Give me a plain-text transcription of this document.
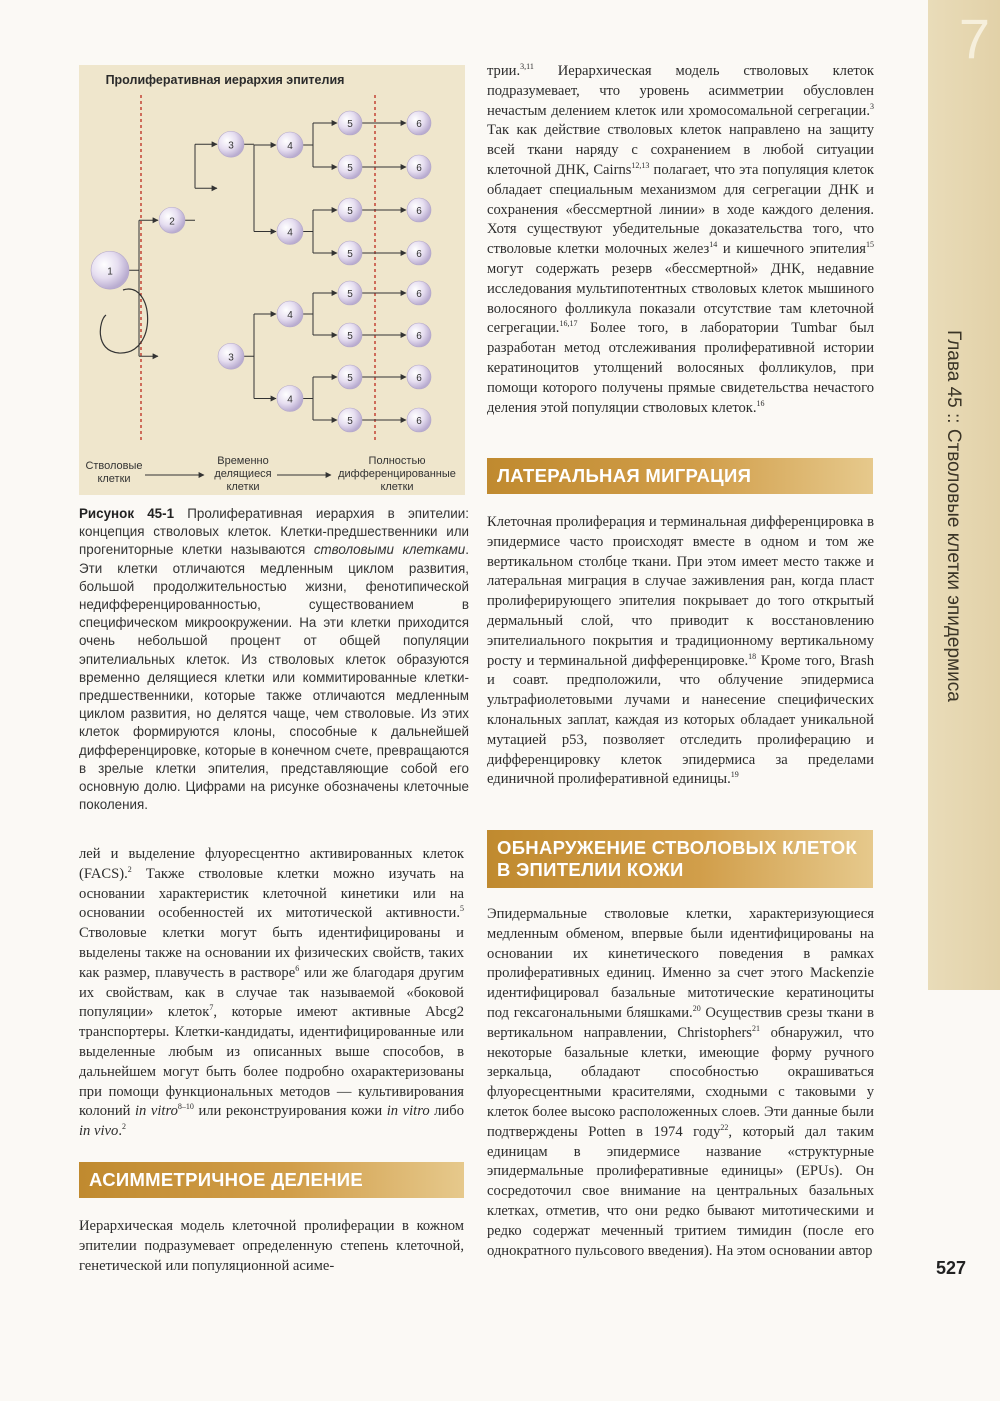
7
Глава 45 :: Стволовые клетки эпидермиса
527
Пролиферативная иерархия эпителия
1
2
3
3
4
4
4
4
5
5
5
5
5
5
5
5
6
6
6
6
6
6
6
6
Стволовые клетки
Временно делящиеся клетки
Полностью дифференцированные клетки
Рисунок 45-1 Пролиферативная иерархия в эпителии: концепция стволовых клеток. Клетки-предшественники или прогениторные клетки называются стволовыми клетками. Эти клетки отличаются медленным циклом развития, большой продолжительностью жизни, фенотипической недифференцированностью, существованием в специфическом микроокружении. На эти клетки приходится очень небольшой процент от общей популяции эпителиальных клеток. Из стволовых клеток образуются временно делящиеся клетки или коммитированные клетки-предшественники, которые также отличаются медленным циклом развития, но делятся чаще, чем стволовые. Из этих клеток формируются клоны, способные к дальнейшей дифференцировке, которые в конечном счете, превращаются в зрелые клетки эпителия, представляющие собой его основную долю. Цифрами на рисунке обозначены клеточные поколения.

лей и выделение флуоресцентно активированных клеток (FACS).$^2$ Также стволовые клетки можно изучать на основании характеристик клеточной кинетики или на основании особенностей их митотической активности.$^5$ Стволовые клетки могут быть идентифицированы и выделены также на основании их физических свойств, таких как размер, плавучесть в растворе$^6$ или же благодаря другим их свойствам, как в случае так называемой «боковой популяции» клеток$^7$, которые имеют активные Abcg2 транспортеры. Клетки-кандидаты, идентифицированные или выделенные любым из описанных выше способов, в дальнейшем могут быть более подробно охарактеризованы при помощи функциональных методов — культивирования колоний in vitro$^{8-10}$ или реконструирования кожи in vitro либо in vivo.$^2$

АСИММЕТРИЧНОЕ ДЕЛЕНИЕ

Иерархическая модель клеточной пролиферации в кожном эпителии подразумевает определенную степень клеточной, генетической или популяционной асиме-

трии.$^{3,11}$ Иерархическая модель стволовых клеток подразумевает, что уровень асимметрии обусловлен нечастым делением клеток или хромосомальной сегрегации.$^3$ Так как действие стволовых клеток направлено на защиту всей ткани наряду с сохранением в любой ситуации клеточной ДНК, Cairns$^{12,13}$ полагает, что эта популяция клеток обладает специальным механизмом для сегрегации ДНК и сохранения «бессмертной линии» в ходе каждого деления. Хотя существуют убедительные доказательства того, что стволовые клетки молочных желез$^{14}$ и кишечного эпителия$^{15}$ могут содержать резерв «бессмертной» ДНК, недавние исследования мультипотентных стволовых клеток мышиного волосяного фолликула показали отсутствие там клеточной сегрегации.$^{16,17}$ Более того, в лаборатории Tumbar был разработан метод отслеживания пролиферативной истории кератиноцитов утолщений волосяных фолликулов, при помощи которого получены прямые свидетельства нечастого деления этой популяции стволовых клеток.$^{16}$

ЛАТЕРАЛЬНАЯ МИГРАЦИЯ

Клеточная пролиферация и терминальная дифференцировка в эпидермисе часто происходят вместе в одном и том же вертикальном столбце ткани. При этом имеет место также и латеральная миграция в случае заживления ран, когда пласт пролиферирующего эпителия покрывает до того открытый дермальный слой, что приводит к восстановлению эпителиального покрытия и традиционному вертикальному росту и терминальной дифференцировке.$^{18}$ Кроме того, Brash и соавт. предположили, что облучение эпидермиса ультрафиолетовыми лучами и нанесение специфических клональных заплат, каждая из которых обладает уникальной мутацией p53, позволяет отследить пролиферацию и дифференцировку клеток эпидермиса за пределами единичной пролиферативной единицы.$^{19}$

ОБНАРУЖЕНИЕ СТВОЛОВЫХ КЛЕТОК
В ЭПИТЕЛИИ КОЖИ

Эпидермальные стволовые клетки, характеризующиеся медленным обменом, впервые были идентифицированы на основании их кинетического поведения в рамках пролиферативных единиц. Именно за счет этого Mackenzie идентифицировал базальные митотические кератиноциты под гексагональными бляшками.$^{20}$ Осуществив срезы ткани в вертикальном направлении, Christophers$^{21}$ обнаружил, что некоторые базальные клетки, имеющие форму ручного зеркальца, обладают способностью окрашиваться флуоресцентными красителями, сходными с таковыми у клеток более высоко расположенных слоев. Эти данные были подтверждены Potten в 1974 году$^{22}$, который дал таким единицам в эпидермисе название «структурные эпидермальные пролиферативные единицы» (EPUs). Он сосредоточил свое внимание на центральных базальных клетках, отметив, что они редко бывают митотическими и редко содержат меченный тритием тимидин (после его однократного пульсового введения). На этом основании автор
